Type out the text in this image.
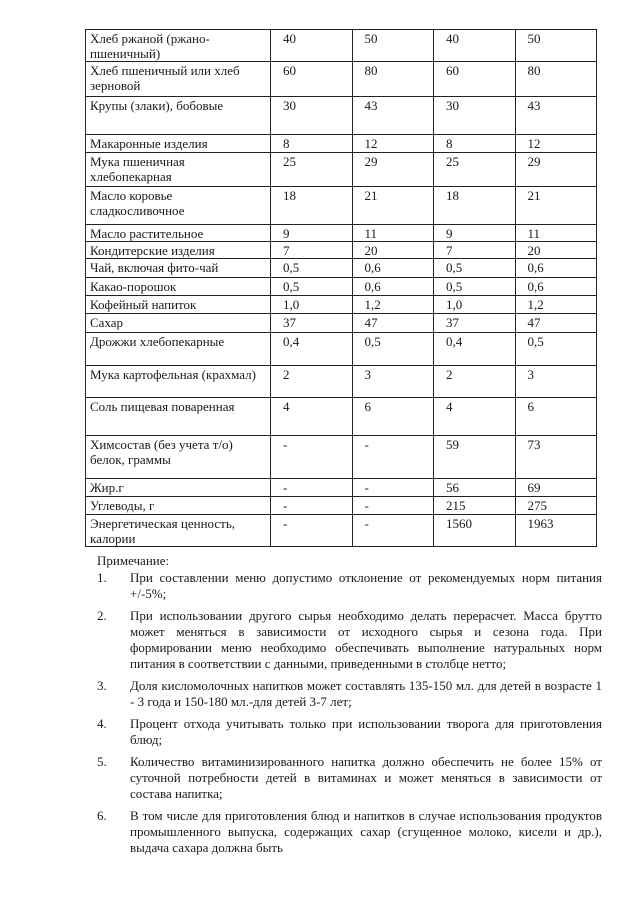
Хлеб ржаной (ржано-пшеничный)	40	50	40	50
Хлеб пшеничный или хлеб зерновой	60	80	60	80
Крупы (злаки), бобовые	30	43	30	43
Макаронные изделия	8	12	8	12
Мука пшеничная хлебопекарная	25	29	25	29
Масло коровье сладкосливочное	18	21	18	21
Масло растительное	9	11	9	11
Кондитерские изделия	7	20	7	20
Чай, включая фито-чай	0,5	0,6	0,5	0,6
Какао-порошок	0,5	0,6	0,5	0,6
Кофейный напиток	1,0	1,2	1,0	1,2
Сахар	37	47	37	47
Дрожжи хлебопекарные	0,4	0,5	0,4	0,5
Мука картофельная (крахмал)	2	3	2	3
Соль пищевая поваренная	4	6	4	6
Химсостав (без учета т/о) белок, граммы	-	-	59	73
Жир.г	-	-	56	69
Углеводы, г	-	-	215	275
Энергетическая ценность, калории	-	-	1560	1963
Примечание:
1. При составлении меню допустимо отклонение от рекомендуемых норм питания +/-5%;
2. При использовании другого сырья необходимо делать перерасчет. Масса брутто может меняться в зависимости от исходного сырья и сезона года. При формировании меню необходимо обеспечивать выполнение натуральных норм питания в соответствии с данными, приведенными в столбце нетто;
3. Доля кисломолочных напитков может составлять 135-150 мл. для детей в возрасте 1 - 3 года и 150-180 мл.-для детей 3-7 лет;
4. Процент отхода учитывать только при использовании творога для приготовления блюд;
5. Количество витаминизированного напитка должно обеспечить не более 15% от суточной потребности детей в витаминах и может меняться в зависимости от состава напитка;
6. В том числе для приготовления блюд и напитков в случае использования продуктов промышленного выпуска, содержащих сахар (сгущенное молоко, кисели и др.), выдача сахара должна быть
